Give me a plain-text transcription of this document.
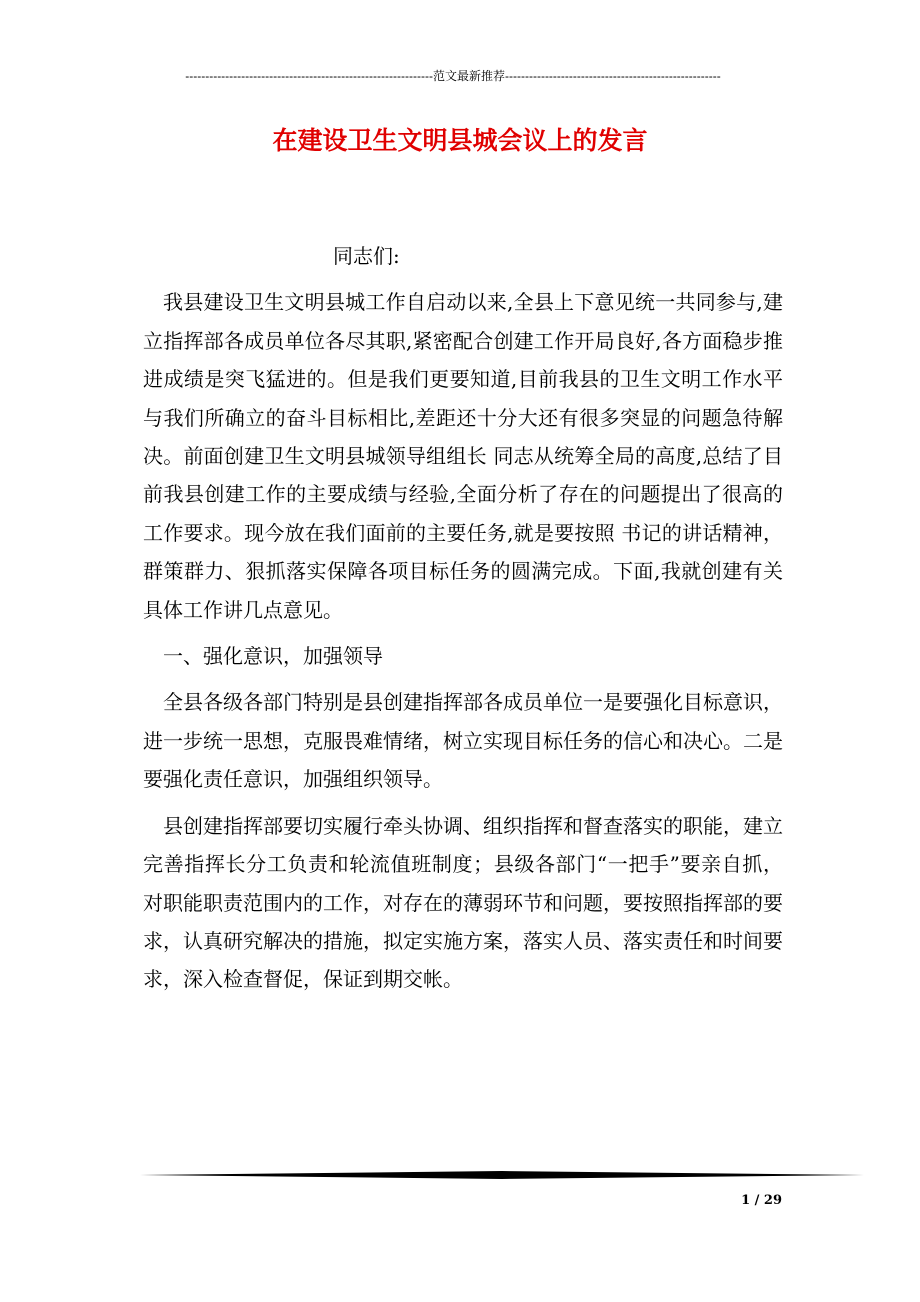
--------------------------------------------------------------范文最新推荐------------------------------------------------------
在建设卫生文明县城会议上的发言

同志们:

我县建设卫生文明县城工作自启动以来,全县上下意见统一共同参与,建立指挥部各成员单位各尽其职,紧密配合创建工作开局良好,各方面稳步推进成绩是突飞猛进的。但是我们更要知道,目前我县的卫生文明工作水平与我们所确立的奋斗目标相比,差距还十分大还有很多突显的问题急待解决。前面创建卫生文明县城领导组组长 同志从统筹全局的高度,总结了目前我县创建工作的主要成绩与经验,全面分析了存在的问题提出了很高的工作要求。现今放在我们面前的主要任务,就是要按照 书记的讲话精神，群策群力、狠抓落实保障各项目标任务的圆满完成。下面,我就创建有关具体工作讲几点意见。

一、强化意识，加强领导

全县各级各部门特别是县创建指挥部各成员单位一是要强化目标意识，进一步统一思想，克服畏难情绪，树立实现目标任务的信心和决心。二是要强化责任意识，加强组织领导。

县创建指挥部要切实履行牵头协调、组织指挥和督查落实的职能，建立完善指挥长分工负责和轮流值班制度；县级各部门“一把手”要亲自抓，对职能职责范围内的工作，对存在的薄弱环节和问题，要按照指挥部的要求，认真研究解决的措施，拟定实施方案，落实人员、落实责任和时间要求，深入检查督促，保证到期交帐。

1 / 29
